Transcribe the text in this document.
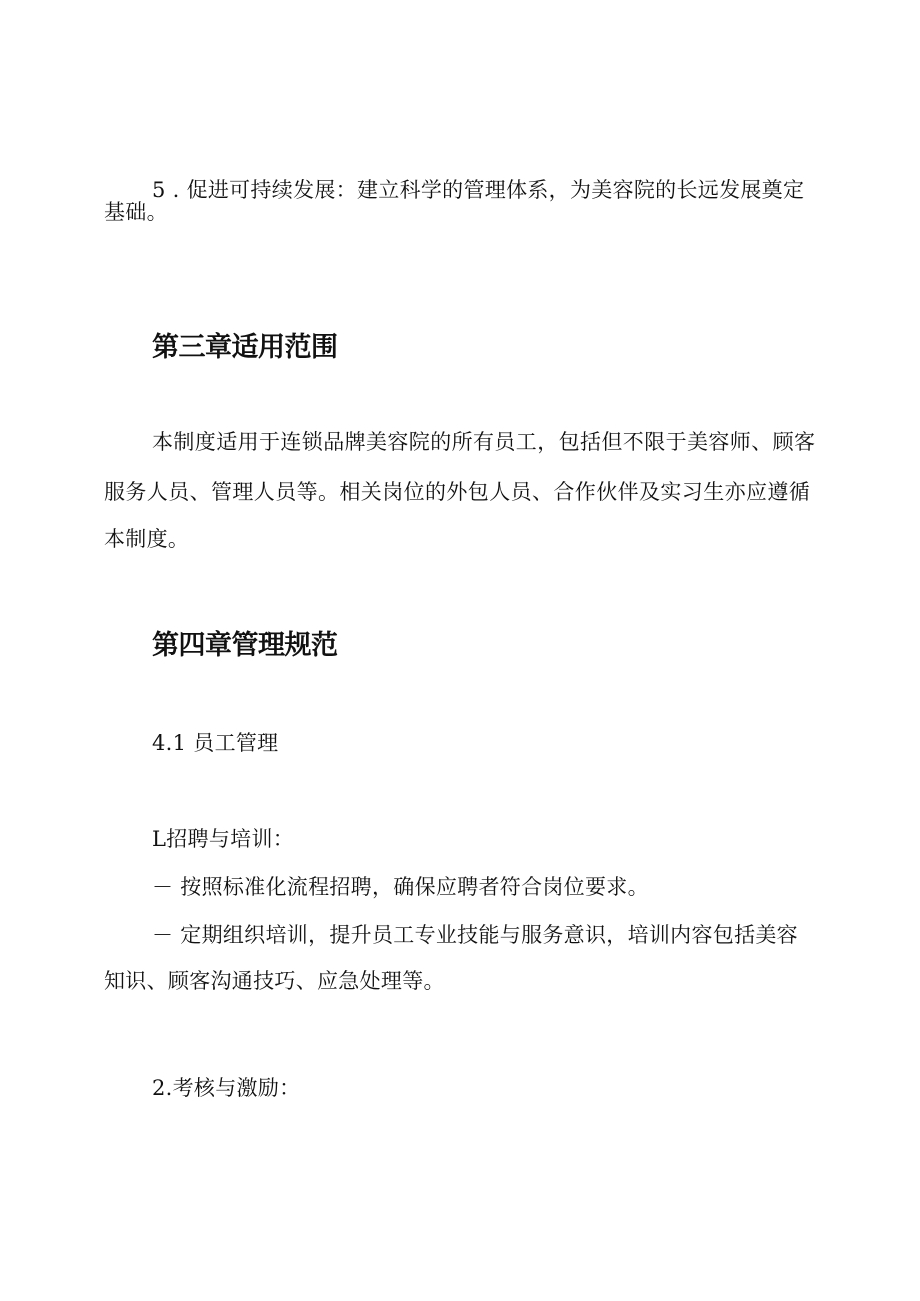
5 . 促进可持续发展：建立科学的管理体系，为美容院的长远发展奠定
基础。
第三章适用范围
本制度适用于连锁品牌美容院的所有员工，包括但不限于美容师、顾客
服务人员、管理人员等。相关岗位的外包人员、合作伙伴及实习生亦应遵循
本制度。
第四章管理规范
4.1 员工管理
L招聘与培训：
－ 按照标准化流程招聘，确保应聘者符合岗位要求。
－ 定期组织培训，提升员工专业技能与服务意识，培训内容包括美容
知识、顾客沟通技巧、应急处理等。
2.考核与激励：
